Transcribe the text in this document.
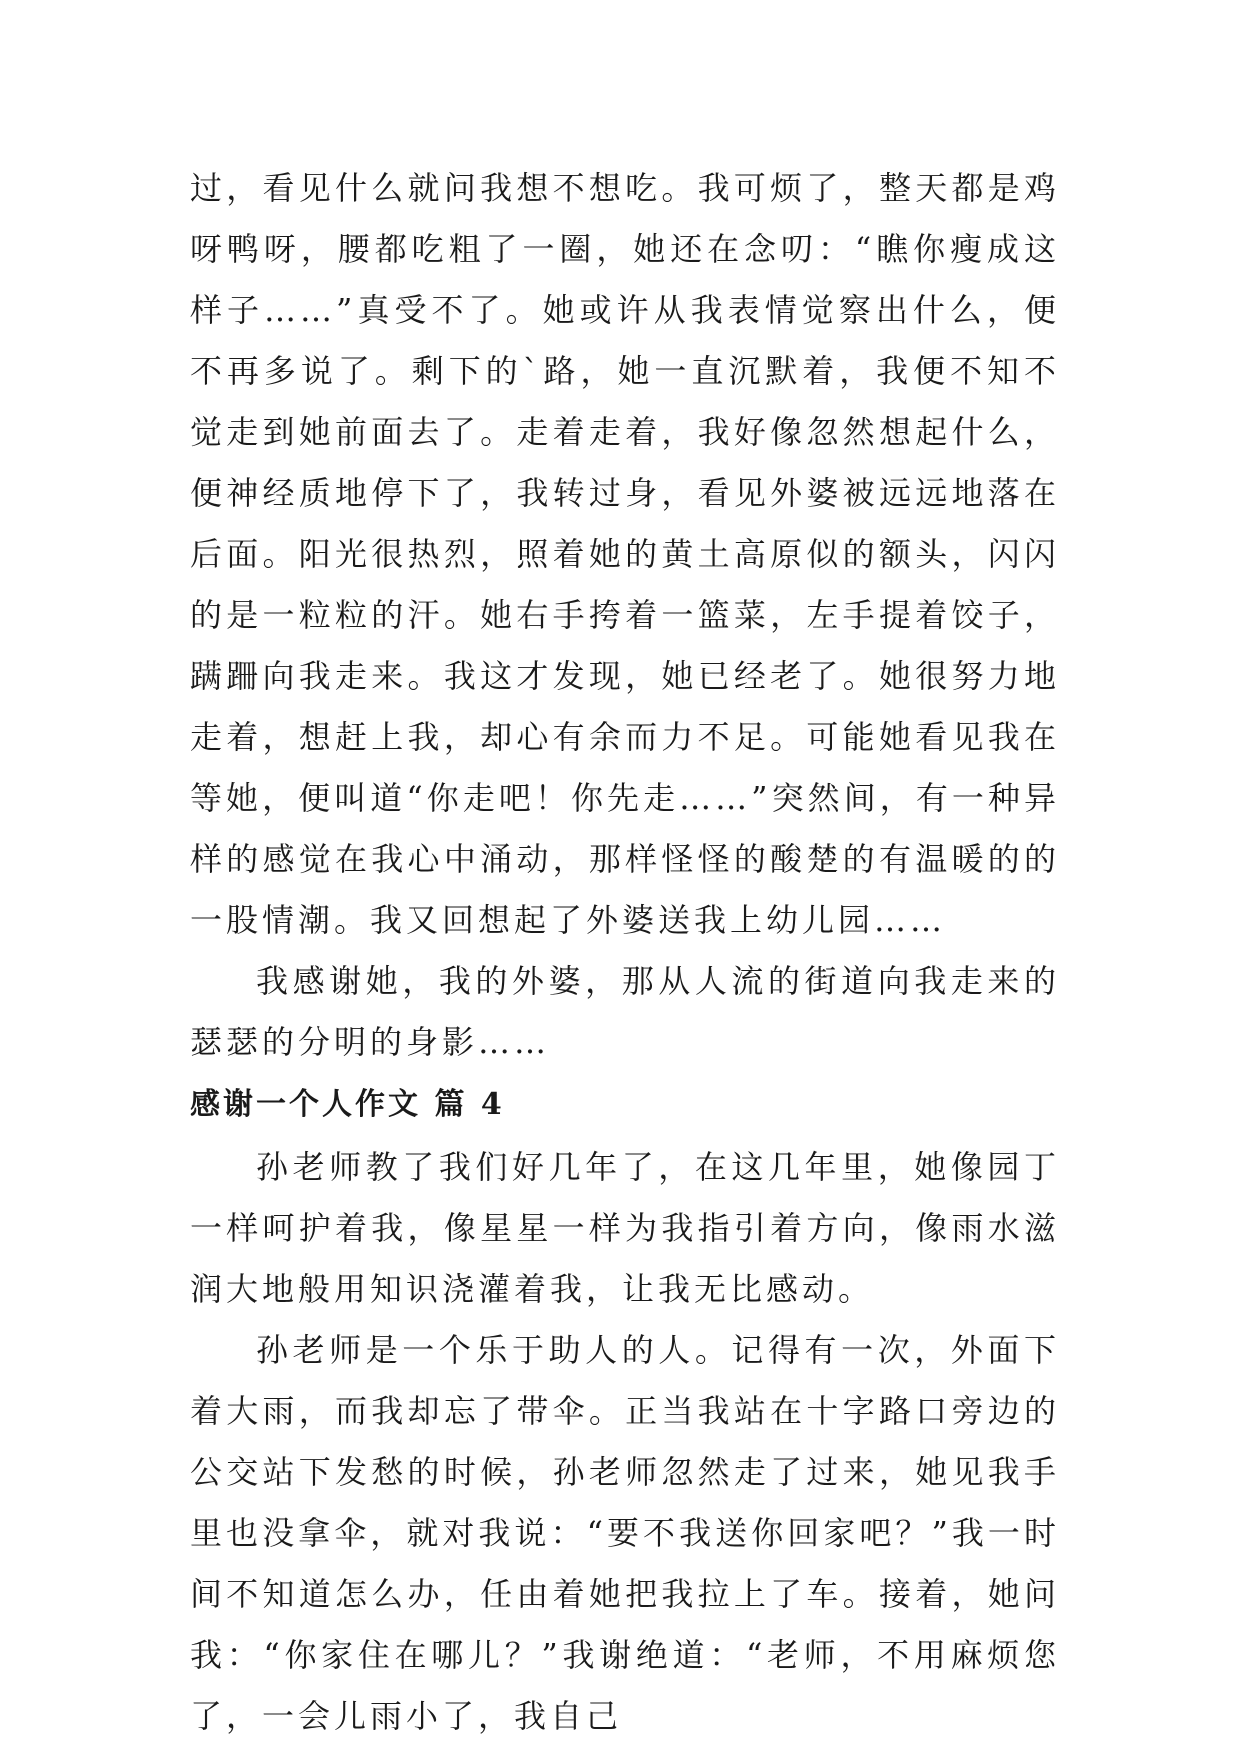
过，看见什么就问我想不想吃。我可烦了，整天都是鸡呀鸭呀，腰都吃粗了一圈，她还在念叨：“瞧你瘦成这样子……”真受不了。她或许从我表情觉察出什么，便不再多说了。剩下的`路，她一直沉默着，我便不知不觉走到她前面去了。走着走着，我好像忽然想起什么，便神经质地停下了，我转过身，看见外婆被远远地落在后面。阳光很热烈，照着她的黄土高原似的额头，闪闪的是一粒粒的汗。她右手挎着一篮菜，左手提着饺子，蹒跚向我走来。我这才发现，她已经老了。她很努力地走着，想赶上我，却心有余而力不足。可能她看见我在等她，便叫道“你走吧！你先走……”突然间，有一种异样的感觉在我心中涌动，那样怪怪的酸楚的有温暖的的一股情潮。我又回想起了外婆送我上幼儿园……

我感谢她，我的外婆，那从人流的街道向我走来的瑟瑟的分明的身影……

感谢一个人作文 篇 4

孙老师教了我们好几年了，在这几年里，她像园丁一样呵护着我，像星星一样为我指引着方向，像雨水滋润大地般用知识浇灌着我，让我无比感动。

孙老师是一个乐于助人的人。记得有一次，外面下着大雨，而我却忘了带伞。正当我站在十字路口旁边的公交站下发愁的时候，孙老师忽然走了过来，她见我手里也没拿伞，就对我说：“要不我送你回家吧？”我一时间不知道怎么办，任由着她把我拉上了车。接着，她问我：“你家住在哪儿？”我谢绝道：“老师，不用麻烦您了，一会儿雨小了，我自己
